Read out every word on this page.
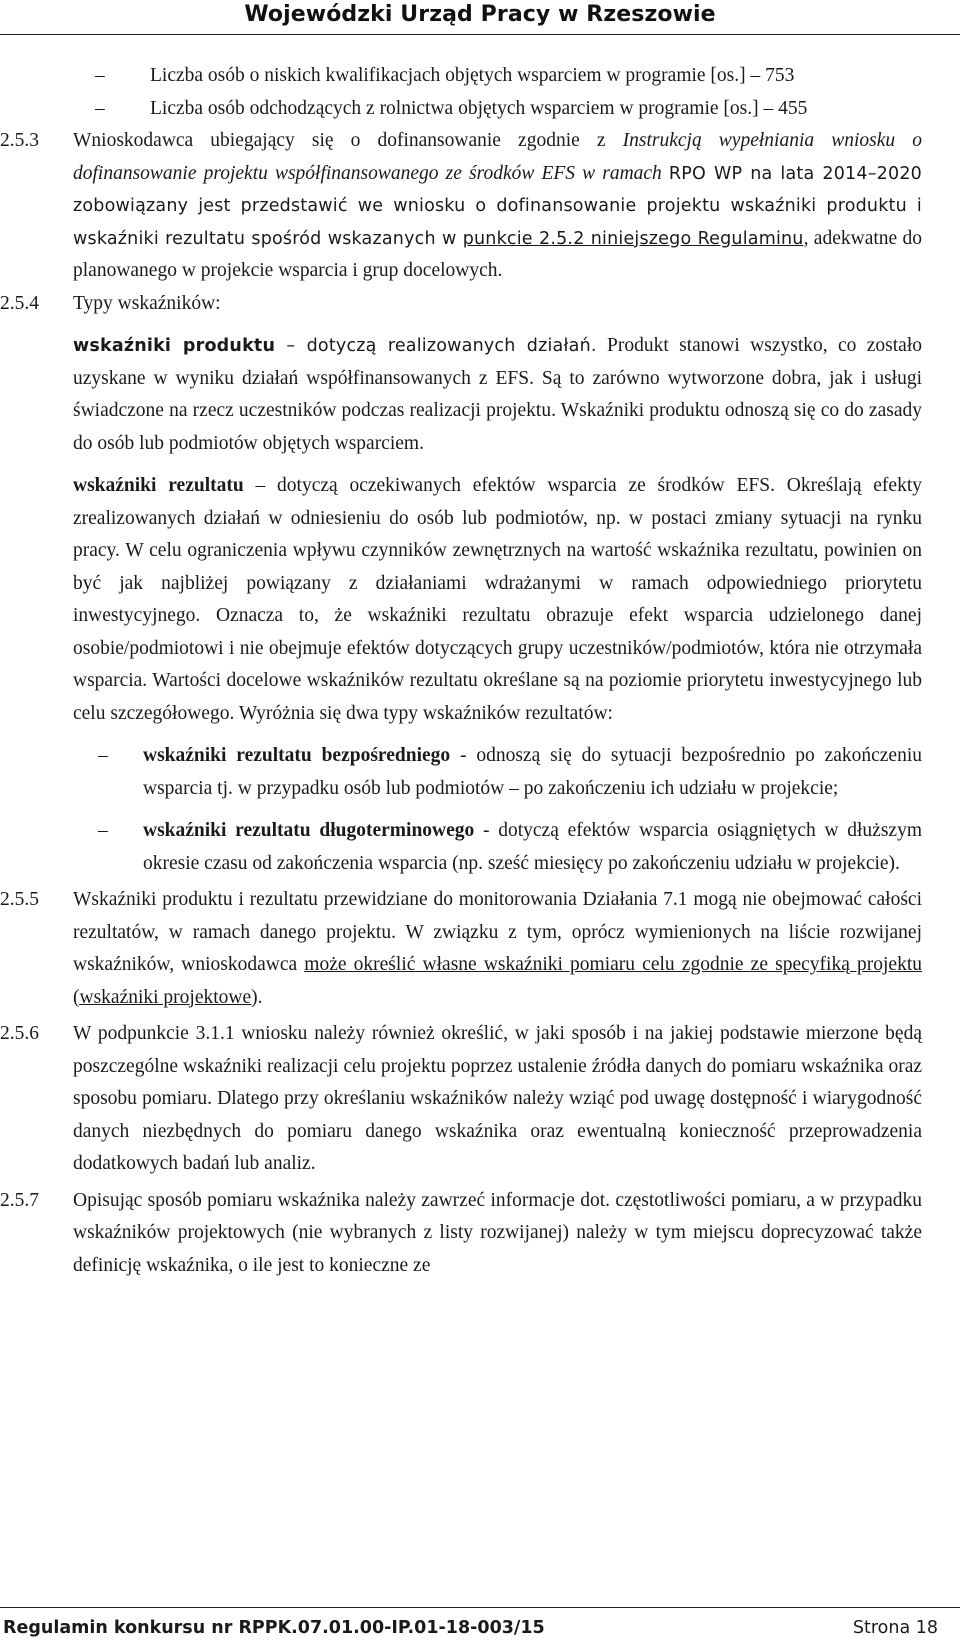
Wojewódzki Urząd Pracy w Rzeszowie
–	Liczba osób o niskich kwalifikacjach objętych wsparciem w programie [os.] – 753
–	Liczba osób odchodzących z rolnictwa objętych wsparciem w programie [os.] – 455
2.5.3	Wnioskodawca ubiegający się o dofinansowanie zgodnie z Instrukcją wypełniania wniosku o dofinansowanie projektu współfinansowanego ze środków EFS w ramach RPO WP na lata 2014–2020 zobowiązany jest przedstawić we wniosku o dofinansowanie projektu wskaźniki produktu i wskaźniki rezultatu spośród wskazanych w punkcie 2.5.2 niniejszego Regulaminu, adekwatne do planowanego w projekcie wsparcia i grup docelowych.
2.5.4	Typy wskaźników:
wskaźniki produktu – dotyczą realizowanych działań. Produkt stanowi wszystko, co zostało uzyskane w wyniku działań współfinansowanych z EFS. Są to zarówno wytworzone dobra, jak i usługi świadczone na rzecz uczestników podczas realizacji projektu. Wskaźniki produktu odnoszą się co do zasady do osób lub podmiotów objętych wsparciem.
wskaźniki rezultatu – dotyczą oczekiwanych efektów wsparcia ze środków EFS. Określają efekty zrealizowanych działań w odniesieniu do osób lub podmiotów, np. w postaci zmiany sytuacji na rynku pracy. W celu ograniczenia wpływu czynników zewnętrznych na wartość wskaźnika rezultatu, powinien on być jak najbliżej powiązany z działaniami wdrażanymi w ramach odpowiedniego priorytetu inwestycyjnego. Oznacza to, że wskaźniki rezultatu obrazuje efekt wsparcia udzielonego danej osobie/podmiotowi i nie obejmuje efektów dotyczących grupy uczestników/podmiotów, która nie otrzymała wsparcia. Wartości docelowe wskaźników rezultatu określane są na poziomie priorytetu inwestycyjnego lub celu szczegółowego. Wyróżnia się dwa typy wskaźników rezultatów:
–	wskaźniki rezultatu bezpośredniego - odnoszą się do sytuacji bezpośrednio po zakończeniu wsparcia tj. w przypadku osób lub podmiotów – po zakończeniu ich udziału w projekcie;
–	wskaźniki rezultatu długoterminowego - dotyczą efektów wsparcia osiągniętych w dłuższym okresie czasu od zakończenia wsparcia (np. sześć miesięcy po zakończeniu udziału w projekcie).
2.5.5	Wskaźniki produktu i rezultatu przewidziane do monitorowania Działania 7.1 mogą nie obejmować całości rezultatów, w ramach danego projektu. W związku z tym, oprócz wymienionych na liście rozwijanej wskaźników, wnioskodawca może określić własne wskaźniki pomiaru celu zgodnie ze specyfiką projektu (wskaźniki projektowe).
2.5.6	W podpunkcie 3.1.1 wniosku należy również określić, w jaki sposób i na jakiej podstawie mierzone będą poszczególne wskaźniki realizacji celu projektu poprzez ustalenie źródła danych do pomiaru wskaźnika oraz sposobu pomiaru. Dlatego przy określaniu wskaźników należy wziąć pod uwagę dostępność i wiarygodność danych niezbędnych do pomiaru danego wskaźnika oraz ewentualną konieczność przeprowadzenia dodatkowych badań lub analiz.
2.5.7	Opisując sposób pomiaru wskaźnika należy zawrzeć informacje dot. częstotliwości pomiaru, a w przypadku wskaźników projektowych (nie wybranych z listy rozwijanej) należy w tym miejscu doprecyzować także definicję wskaźnika, o ile jest to konieczne ze
Regulamin konkursu nr RPPK.07.01.00-IP.01-18-003/15	Strona 18
